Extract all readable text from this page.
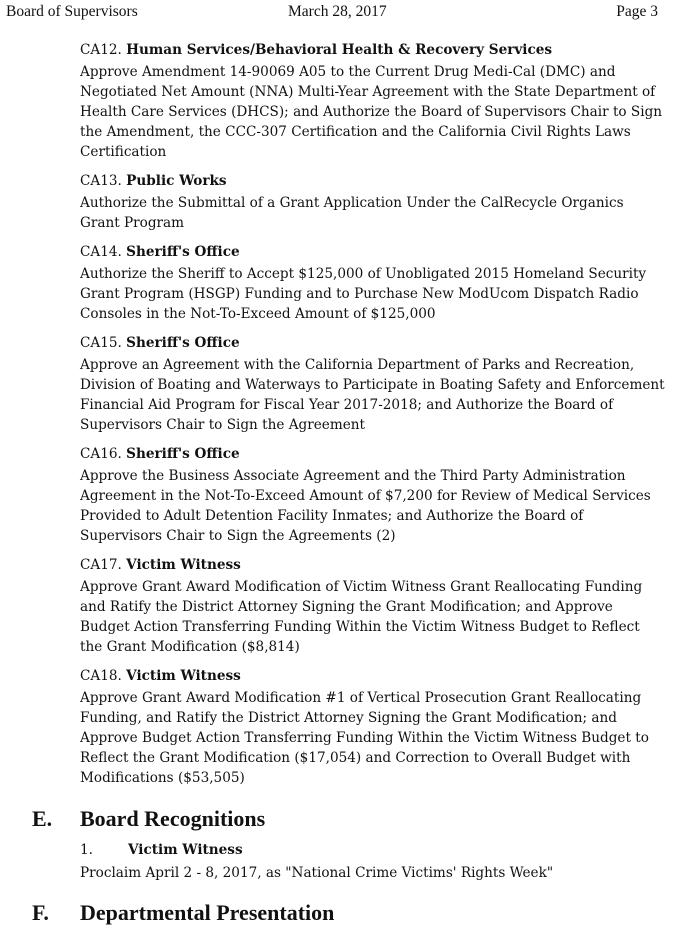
Board of Supervisors	March 28, 2017	Page 3
CA12. Human Services/Behavioral Health & Recovery Services
Approve Amendment 14-90069 A05 to the Current Drug Medi-Cal (DMC) and Negotiated Net Amount (NNA) Multi-Year Agreement with the State Department of Health Care Services (DHCS); and Authorize the Board of Supervisors Chair to Sign the Amendment, the CCC-307 Certification and the California Civil Rights Laws Certification
CA13. Public Works
Authorize the Submittal of a Grant Application Under the CalRecycle Organics Grant Program
CA14. Sheriff's Office
Authorize the Sheriff to Accept $125,000 of Unobligated 2015 Homeland Security Grant Program (HSGP) Funding and to Purchase New ModUcom Dispatch Radio Consoles in the Not-To-Exceed Amount of $125,000
CA15. Sheriff's Office
Approve an Agreement with the California Department of Parks and Recreation, Division of Boating and Waterways to Participate in Boating Safety and Enforcement Financial Aid Program for Fiscal Year 2017-2018; and Authorize the Board of Supervisors Chair to Sign the Agreement
CA16. Sheriff's Office
Approve the Business Associate Agreement and the Third Party Administration Agreement in the Not-To-Exceed Amount of $7,200 for Review of Medical Services Provided to Adult Detention Facility Inmates; and Authorize the Board of Supervisors Chair to Sign the Agreements (2)
CA17. Victim Witness
Approve Grant Award Modification of Victim Witness Grant Reallocating Funding and Ratify the District Attorney Signing the Grant Modification; and Approve Budget Action Transferring Funding Within the Victim Witness Budget to Reflect the Grant Modification ($8,814)
CA18. Victim Witness
Approve Grant Award Modification #1 of Vertical Prosecution Grant Reallocating Funding, and Ratify the District Attorney Signing the Grant Modification; and Approve Budget Action Transferring Funding Within the Victim Witness Budget to Reflect the Grant Modification ($17,054) and Correction to Overall Budget with Modifications ($53,505)
E. Board Recognitions
1.	Victim Witness
Proclaim April 2 - 8, 2017, as "National Crime Victims' Rights Week"
F. Departmental Presentation
